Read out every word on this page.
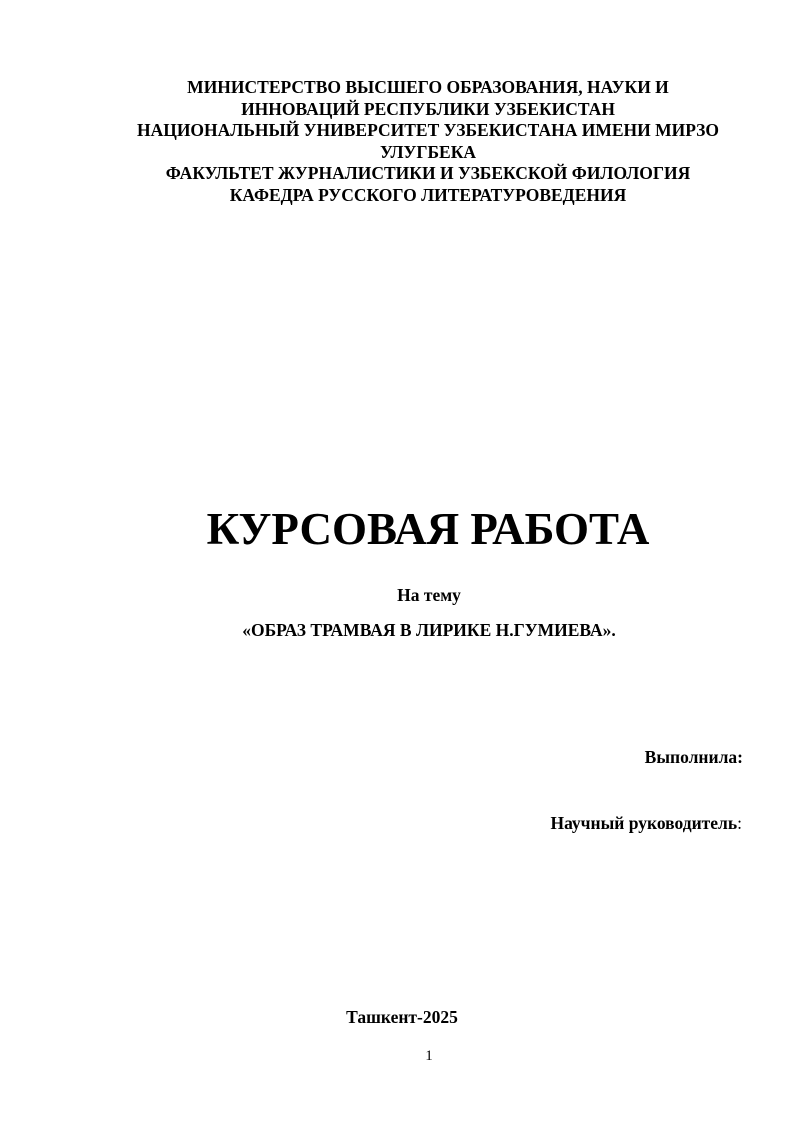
МИНИСТЕРСТВО ВЫСШЕГО ОБРАЗОВАНИЯ, НАУКИ И
ИННОВАЦИЙ РЕСПУБЛИКИ УЗБЕКИСТАН
НАЦИОНАЛЬНЫЙ УНИВЕРСИТЕТ УЗБЕКИСТАНА ИМЕНИ МИРЗО
УЛУГБЕКА
ФАКУЛЬТЕТ ЖУРНАЛИСТИКИ И УЗБЕКСКОЙ ФИЛОЛОГИЯ
КАФЕДРА РУССКОГО ЛИТЕРАТУРОВЕДЕНИЯ
КУРСОВАЯ РАБОТА
На тему
«ОБРАЗ ТРАМВАЯ В ЛИРИКЕ Н.ГУМИЕВА».
Выполнила:
Научный руководитель:
Ташкент-2025
1
